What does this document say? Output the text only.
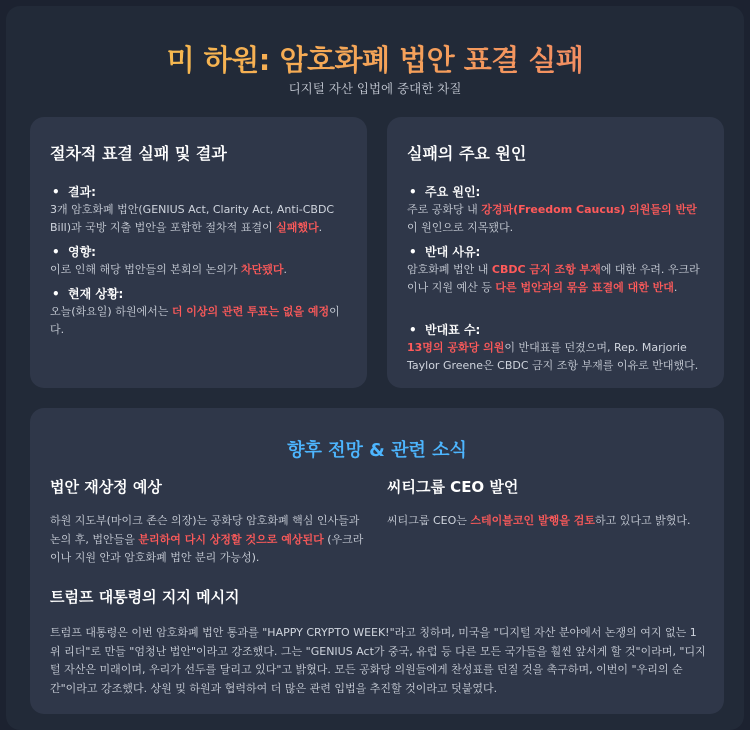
미 하원: 암호화폐 법안 표결 실패
디지털 자산 입법에 중대한 차질
절차적 표결 실패 및 결과
• 결과:
3개 암호화폐 법안(GENIUS Act, Clarity Act, Anti-CBDC Bill)과 국방 지출 법안을 포함한 절차적 표결이 실패했다.
• 영향:
이로 인해 해당 법안들의 본회의 논의가 차단됐다.
• 현재 상황:
오늘(화요일) 하원에서는 더 이상의 관련 투표는 없을 예정이다.
실패의 주요 원인
• 주요 원인:
주로 공화당 내 강경파(Freedom Caucus) 의원들의 반란이 원인으로 지목됐다.
• 반대 사유:
암호화폐 법안 내 CBDC 금지 조항 부재에 대한 우려. 우크라이나 지원 예산 등 다른 법안과의 묶음 표결에 대한 반대.
• 반대표 수:
13명의 공화당 의원이 반대표를 던졌으며, Rep. Marjorie Taylor Greene은 CBDC 금지 조항 부재를 이유로 반대했다.
향후 전망 & 관련 소식
법안 재상정 예상

하원 지도부(마이크 존슨 의장)는 공화당 암호화폐 핵심 인사들과 논의 후, 법안들을 분리하여 다시 상정할 것으로 예상된다 (우크라이나 지원 안과 암호화폐 법안 분리 가능성).

씨티그룹 CEO 발언

씨티그룹 CEO는 스테이블코인 발행을 검토하고 있다고 밝혔다.

트럼프 대통령의 지지 메시지

트럼프 대통령은 이번 암호화폐 법안 통과를 "HAPPY CRYPTO WEEK!"라고 칭하며, 미국을 "디지털 자산 분야에서 논쟁의 여지 없는 1위 리더"로 만들 "엄청난 법안"이라고 강조했다. 그는 "GENIUS Act가 중국, 유럽 등 다른 모든 국가들을 훨씬 앞서게 할 것"이라며, "디지털 자산은 미래이며, 우리가 선두를 달리고 있다"고 밝혔다. 모든 공화당 의원들에게 찬성표를 던질 것을 촉구하며, 이번이 "우리의 순간"이라고 강조했다. 상원 및 하원과 협력하여 더 많은 관련 입법을 추진할 것이라고 덧붙였다.
